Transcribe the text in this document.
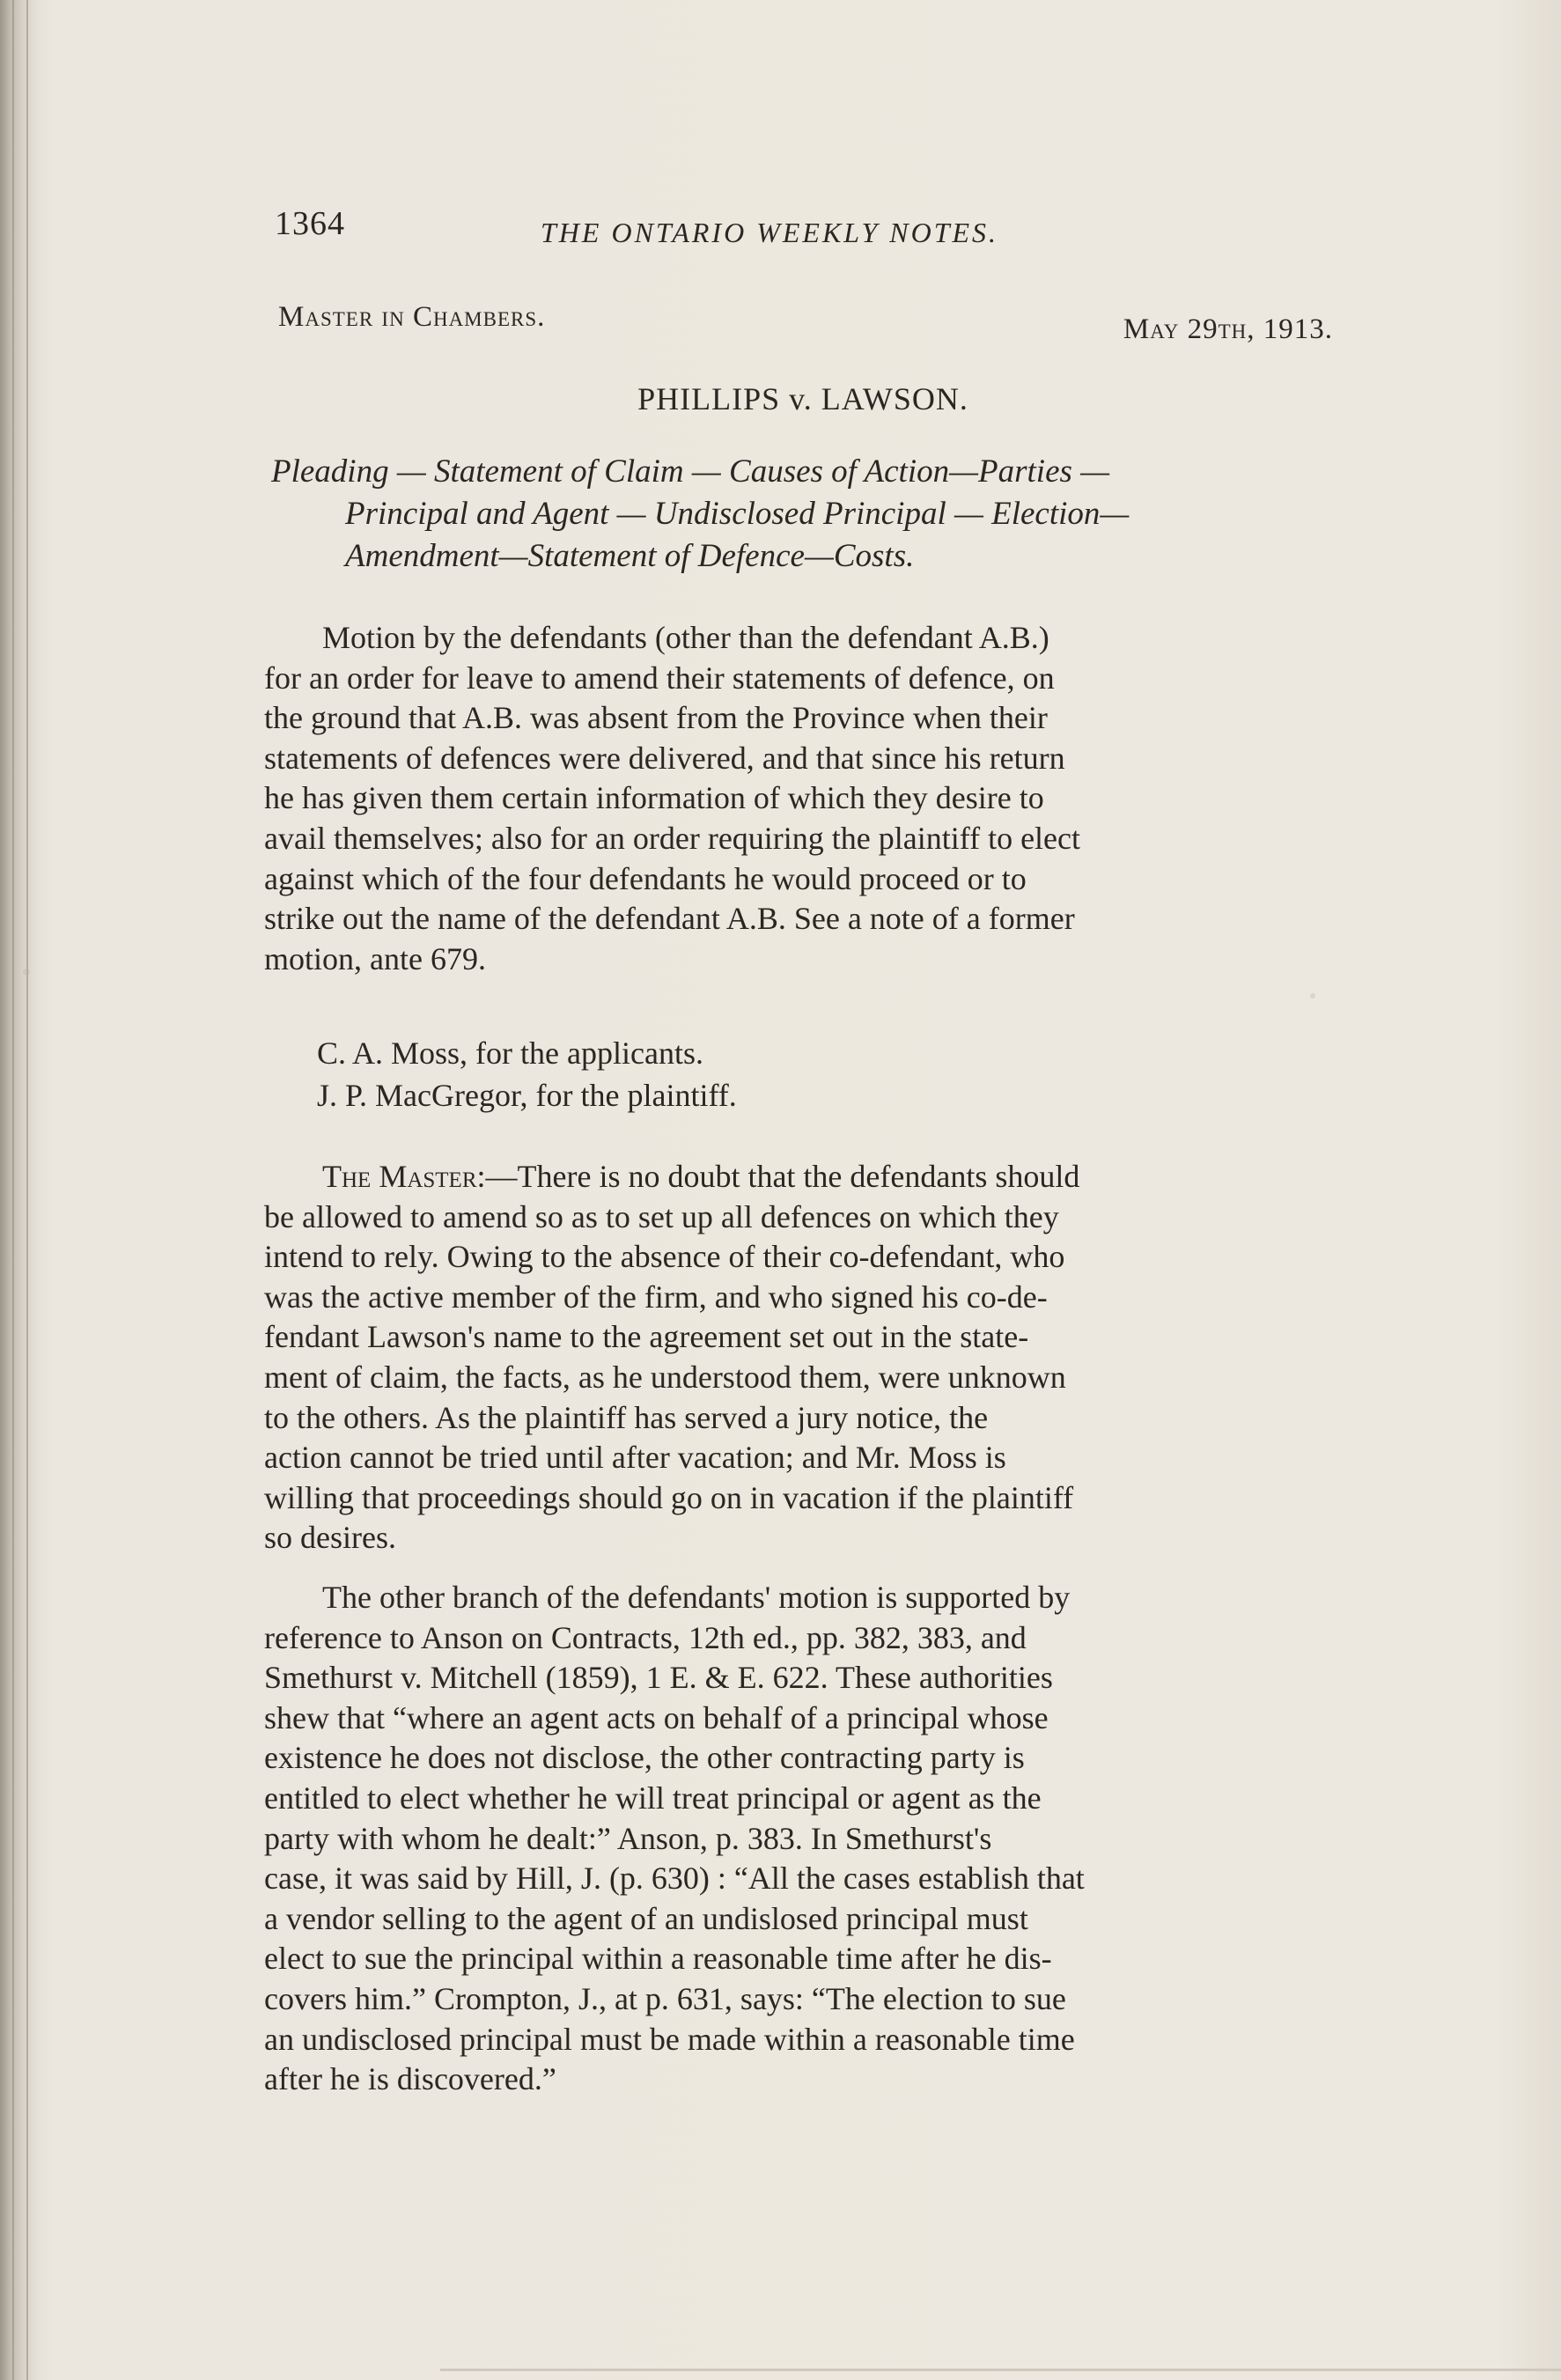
1364	THE ONTARIO WEEKLY NOTES.
Master in Chambers.	May 29th, 1913.
PHILLIPS v. LAWSON.
Pleading — Statement of Claim — Causes of Action—Parties —
Principal and Agent — Undisclosed Principal — Election—
Amendment—Statement of Defence—Costs.
Motion by the defendants (other than the defendant A.B.)
for an order for leave to amend their statements of defence, on
the ground that A.B. was absent from the Province when their
statements of defences were delivered, and that since his return
he has given them certain information of which they desire to
avail themselves; also for an order requiring the plaintiff to elect
against which of the four defendants he would proceed or to
strike out the name of the defendant A.B. See a note of a former
motion, ante 679.
C. A. Moss, for the applicants.
J. P. MacGregor, for the plaintiff.
The Master:—There is no doubt that the defendants should
be allowed to amend so as to set up all defences on which they
intend to rely. Owing to the absence of their co-defendant, who
was the active member of the firm, and who signed his co-de-
fendant Lawson's name to the agreement set out in the state-
ment of claim, the facts, as he understood them, were unknown
to the others. As the plaintiff has served a jury notice, the
action cannot be tried until after vacation; and Mr. Moss is
willing that proceedings should go on in vacation if the plaintiff
so desires.
The other branch of the defendants' motion is supported by
reference to Anson on Contracts, 12th ed., pp. 382, 383, and
Smethurst v. Mitchell (1859), 1 E. & E. 622. These authorities
shew that “where an agent acts on behalf of a principal whose
existence he does not disclose, the other contracting party is
entitled to elect whether he will treat principal or agent as the
party with whom he dealt:” Anson, p. 383. In Smethurst's
case, it was said by Hill, J. (p. 630) : “All the cases establish that
a vendor selling to the agent of an undislosed principal must
elect to sue the principal within a reasonable time after he dis-
covers him.” Crompton, J., at p. 631, says: “The election to sue
an undisclosed principal must be made within a reasonable time
after he is discovered.”
